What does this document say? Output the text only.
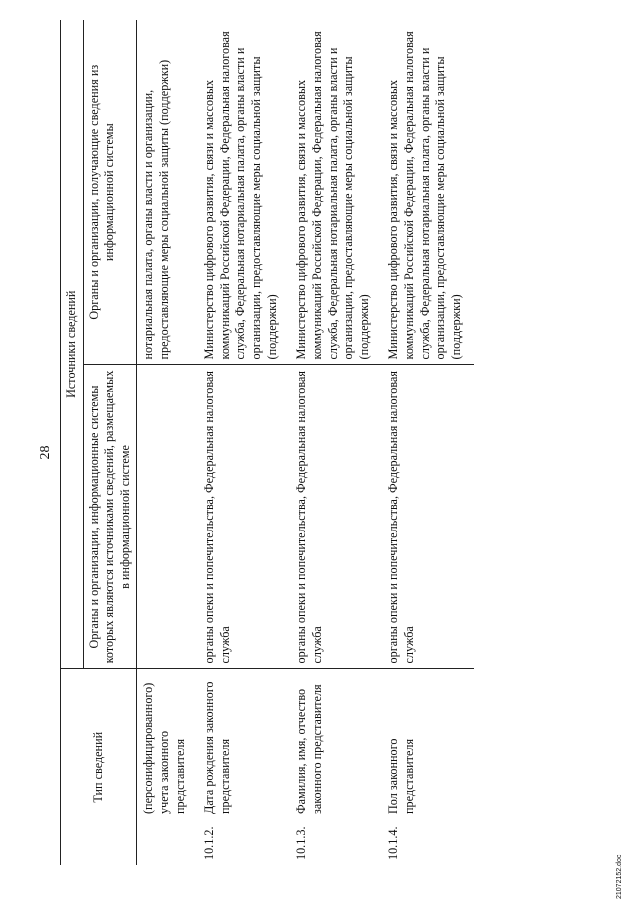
28
Тип сведений		Источники сведений	
		Органы и организации, информационные системы которых являются источниками сведений, размещаемых в информационной системе	Органы и организации, получающие сведения из информационной системы
	(персонифицированного) учета законного представителя		нотариальная палата, органы власти и организации, предоставляющие меры социальной защиты (поддержки)
10.1.2.	Дата рождения законного представителя	органы опеки и попечительства, Федеральная налоговая служба	Министерство цифрового развития, связи и массовых коммуникаций Российской Федерации, Федеральная налоговая служба, Федеральная нотариальная палата, органы власти и организации, предоставляющие меры социальной защиты (поддержки)
10.1.3.	Фамилия, имя, отчество законного представителя	органы опеки и попечительства, Федеральная налоговая служба	Министерство цифрового развития, связи и массовых коммуникаций Российской Федерации, Федеральная налоговая служба, Федеральная нотариальная палата, органы власти и организации, предоставляющие меры социальной защиты (поддержки)
10.1.4.	Пол законного представителя	органы опеки и попечительства, Федеральная налоговая служба	Министерство цифрового развития, связи и массовых коммуникаций Российской Федерации, Федеральная налоговая служба, Федеральная нотариальная палата, органы власти и организации, предоставляющие меры социальной защиты (поддержки)
21072152.doc
